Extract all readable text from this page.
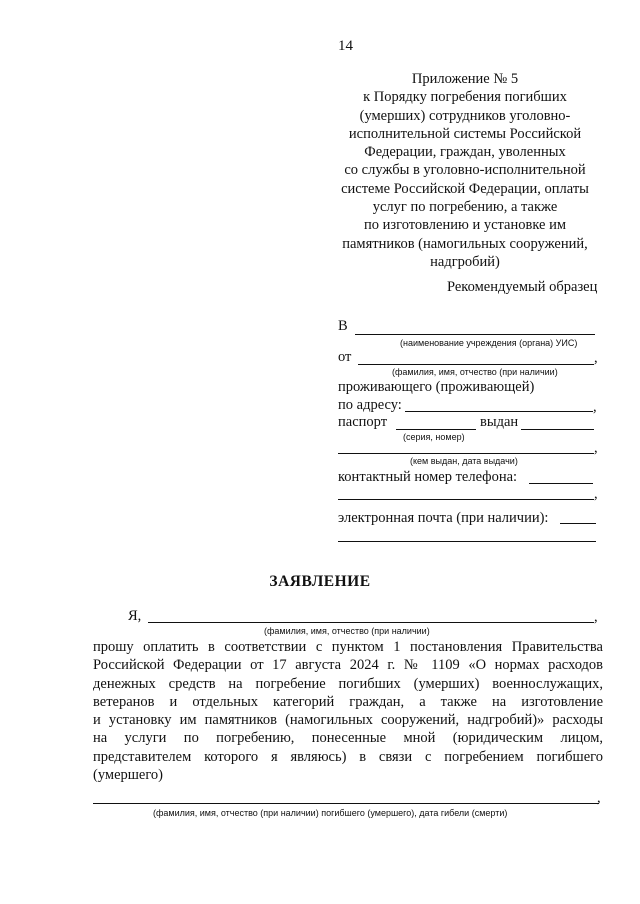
14
Приложение № 5
к Порядку погребения погибших
(умерших) сотрудников уголовно-
исполнительной системы Российской
Федерации, граждан, уволенных
со службы в уголовно-исполнительной
системе Российской Федерации, оплаты
услуг по погребению, а также
по изготовлению и установке им
памятников (намогильных сооружений,
надгробий)
Рекомендуемый образец
В
(наименование учреждения (органа) УИС)
от	,
(фамилия, имя, отчество (при наличии)
проживающего (проживающей)
по адресу:	,
паспорт	выдан
(серия, номер)
,
(кем выдан, дата выдачи)
контактный номер телефона:
,
электронная почта (при наличии):
ЗАЯВЛЕНИЕ
Я,	,
(фамилия, имя, отчество (при наличии)
прошу оплатить в соответствии с пунктом 1 постановления Правительства
Российской Федерации от 17 августа 2024 г. № 1109 «О нормах расходов
денежных средств на погребение погибших (умерших) военнослужащих,
ветеранов и отдельных категорий граждан, а также на изготовление
и установку им памятников (намогильных сооружений, надгробий)» расходы
на услуги по погребению, понесенные мной (юридическим лицом,
представителем которого я являюсь) в связи с погребением погибшего
(умершего)
,
(фамилия, имя, отчество (при наличии) погибшего (умершего), дата гибели (смерти)
